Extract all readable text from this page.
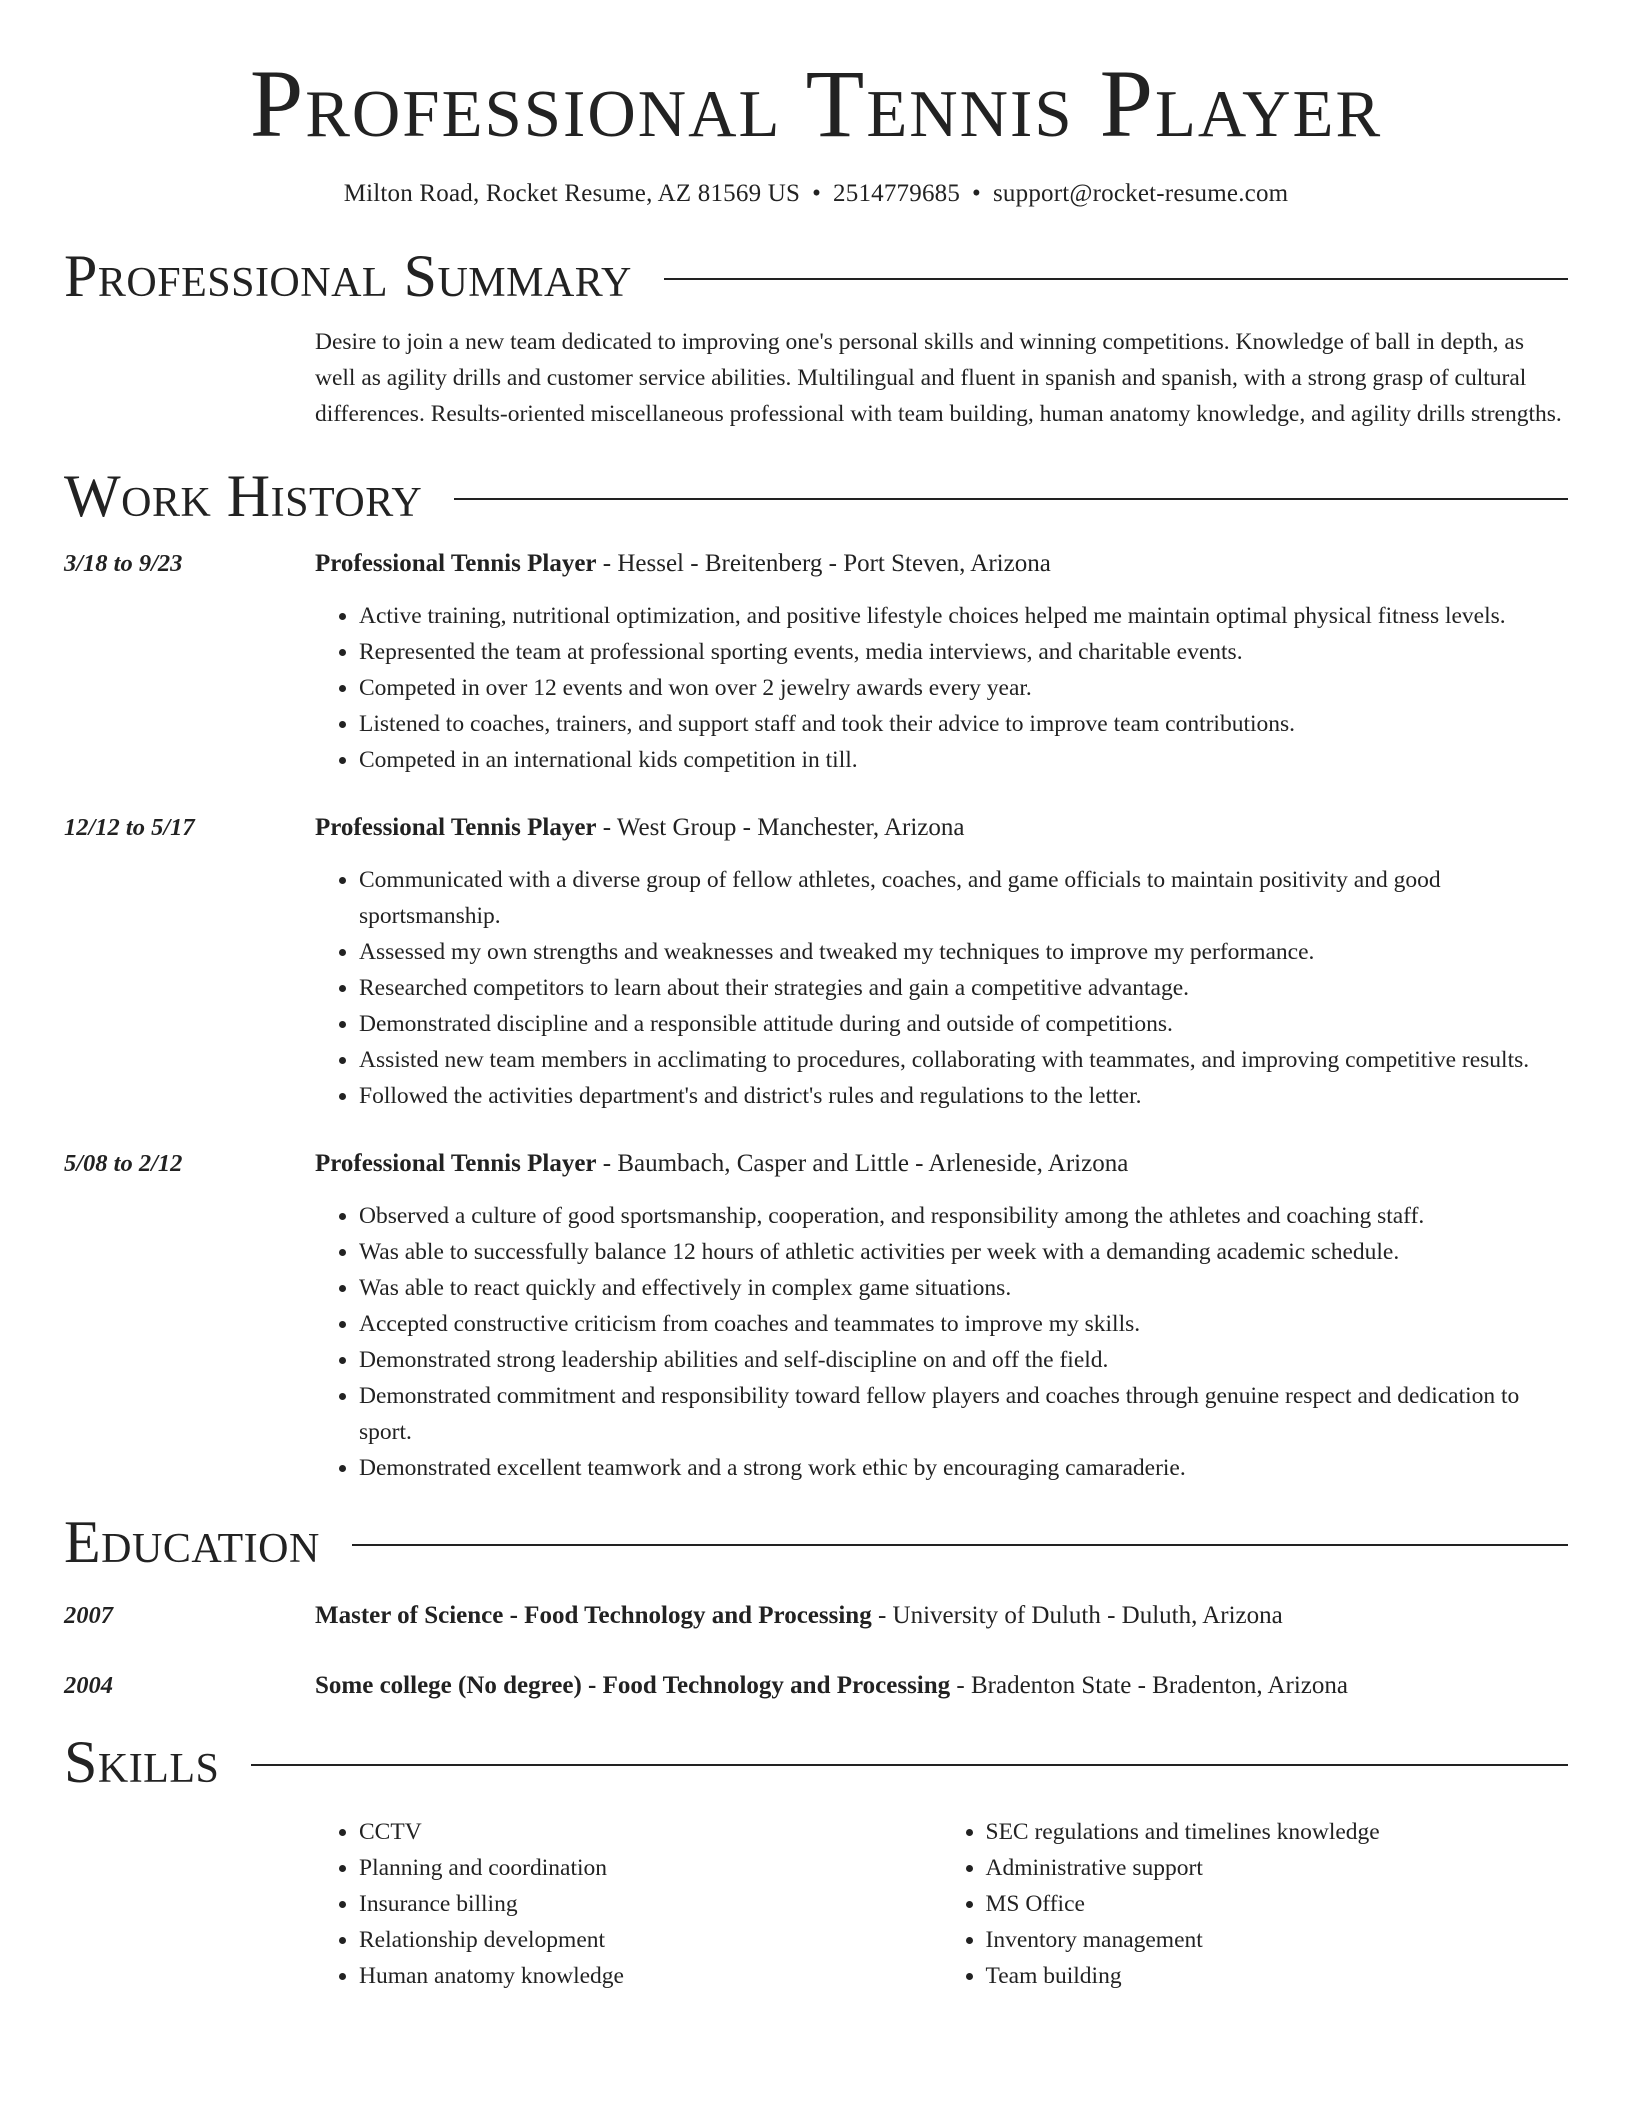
Professional Tennis Player
Milton Road, Rocket Resume, AZ 81569 US • 2514779685 • support@rocket-resume.com
Professional Summary
Desire to join a new team dedicated to improving one's personal skills and winning competitions. Knowledge of ball in depth, as well as agility drills and customer service abilities. Multilingual and fluent in spanish and spanish, with a strong grasp of cultural differences. Results-oriented miscellaneous professional with team building, human anatomy knowledge, and agility drills strengths.
Work History
3/18 to 9/23	Professional Tennis Player - Hessel - Breitenberg - Port Steven, Arizona
• Active training, nutritional optimization, and positive lifestyle choices helped me maintain optimal physical fitness levels.
• Represented the team at professional sporting events, media interviews, and charitable events.
• Competed in over 12 events and won over 2 jewelry awards every year.
• Listened to coaches, trainers, and support staff and took their advice to improve team contributions.
• Competed in an international kids competition in till.
12/12 to 5/17	Professional Tennis Player - West Group - Manchester, Arizona
• Communicated with a diverse group of fellow athletes, coaches, and game officials to maintain positivity and good sportsmanship.
• Assessed my own strengths and weaknesses and tweaked my techniques to improve my performance.
• Researched competitors to learn about their strategies and gain a competitive advantage.
• Demonstrated discipline and a responsible attitude during and outside of competitions.
• Assisted new team members in acclimating to procedures, collaborating with teammates, and improving competitive results.
• Followed the activities department's and district's rules and regulations to the letter.
5/08 to 2/12	Professional Tennis Player - Baumbach, Casper and Little - Arleneside, Arizona
• Observed a culture of good sportsmanship, cooperation, and responsibility among the athletes and coaching staff.
• Was able to successfully balance 12 hours of athletic activities per week with a demanding academic schedule.
• Was able to react quickly and effectively in complex game situations.
• Accepted constructive criticism from coaches and teammates to improve my skills.
• Demonstrated strong leadership abilities and self-discipline on and off the field.
• Demonstrated commitment and responsibility toward fellow players and coaches through genuine respect and dedication to sport.
• Demonstrated excellent teamwork and a strong work ethic by encouraging camaraderie.
Education
2007	Master of Science - Food Technology and Processing - University of Duluth - Duluth, Arizona
2004	Some college (No degree) - Food Technology and Processing - Bradenton State - Bradenton, Arizona
Skills
• CCTV
• Planning and coordination
• Insurance billing
• Relationship development
• Human anatomy knowledge
• SEC regulations and timelines knowledge
• Administrative support
• MS Office
• Inventory management
• Team building
